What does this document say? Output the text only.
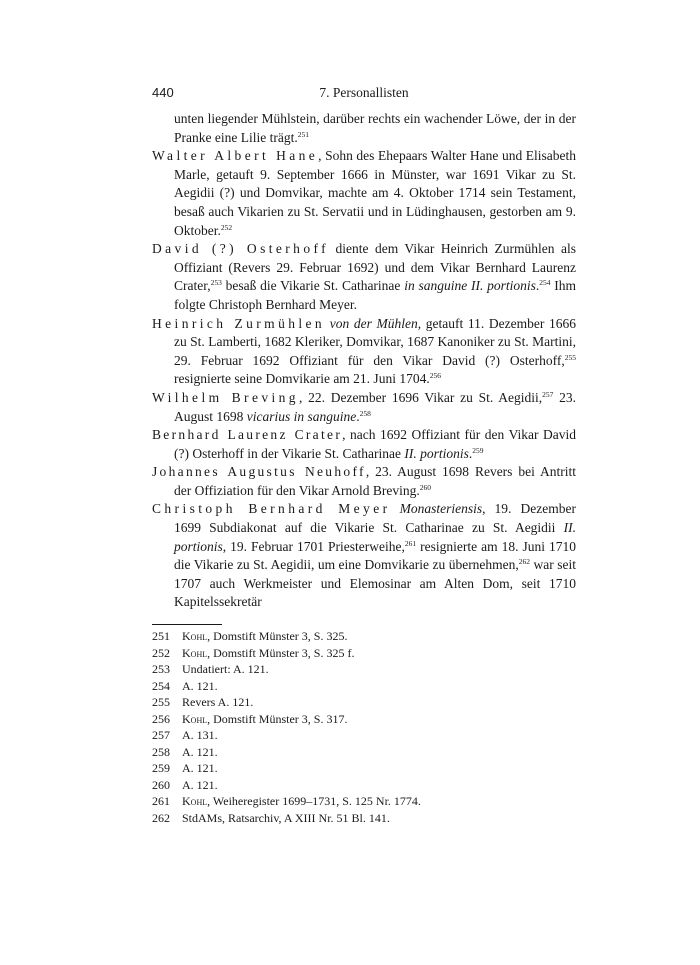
440	7. Personallisten

unten liegender Mühlstein, darüber rechts ein wachender Löwe, der in der Pranke eine Lilie trägt.$^{251}$

Walter Albert Hane, Sohn des Ehepaars Walter Hane und Elisabeth Marle, getauft 9. September 1666 in Münster, war 1691 Vikar zu St. Aegidii (?) und Domvikar, machte am 4. Oktober 1714 sein Testament, besaß auch Vikarien zu St. Servatii und in Lüdinghausen, gestorben am 9. Oktober.$^{252}$

David (?) Osterhoff diente dem Vikar Heinrich Zurmühlen als Offiziant (Revers 29. Februar 1692) und dem Vikar Bernhard Laurenz Crater,$^{253}$ besaß die Vikarie St. Catharinae in sanguine II. portionis.$^{254}$ Ihm folgte Christoph Bernhard Meyer.

Heinrich Zurmühlen von der Mühlen, getauft 11. Dezember 1666 zu St. Lamberti, 1682 Kleriker, Domvikar, 1687 Kanoniker zu St. Martini, 29. Februar 1692 Offiziant für den Vikar David (?) Osterhoff,$^{255}$ resignierte seine Domvikarie am 21. Juni 1704.$^{256}$

Wilhelm Breving, 22. Dezember 1696 Vikar zu St. Aegidii,$^{257}$ 23. August 1698 vicarius in sanguine.$^{258}$

Bernhard Laurenz Crater, nach 1692 Offiziant für den Vikar David (?) Osterhoff in der Vikarie St. Catharinae II. portionis.$^{259}$

Johannes Augustus Neuhoff, 23. August 1698 Revers bei Antritt der Offiziation für den Vikar Arnold Breving.$^{260}$

Christoph Bernhard Meyer Monasteriensis, 19. Dezember 1699 Subdiakonat auf die Vikarie St. Catharinae zu St. Aegidii II. portionis, 19. Februar 1701 Priesterweihe,$^{261}$ resignierte am 18. Juni 1710 die Vikarie zu St. Aegidii, um eine Domvikarie zu übernehmen,$^{262}$ war seit 1707 auch Werkmeister und Elemosinar am Alten Dom, seit 1710 Kapitelssekretär

251	Kohl, Domstift Münster 3, S. 325.
252	Kohl, Domstift Münster 3, S. 325 f.
253	Undatiert: A. 121.
254	A. 121.
255	Revers A. 121.
256	Kohl, Domstift Münster 3, S. 317.
257	A. 131.
258	A. 121.
259	A. 121.
260	A. 121.
261	Kohl, Weiheregister 1699–1731, S. 125 Nr. 1774.
262	StdAMs, Ratsarchiv, A XIII Nr. 51 Bl. 141.
